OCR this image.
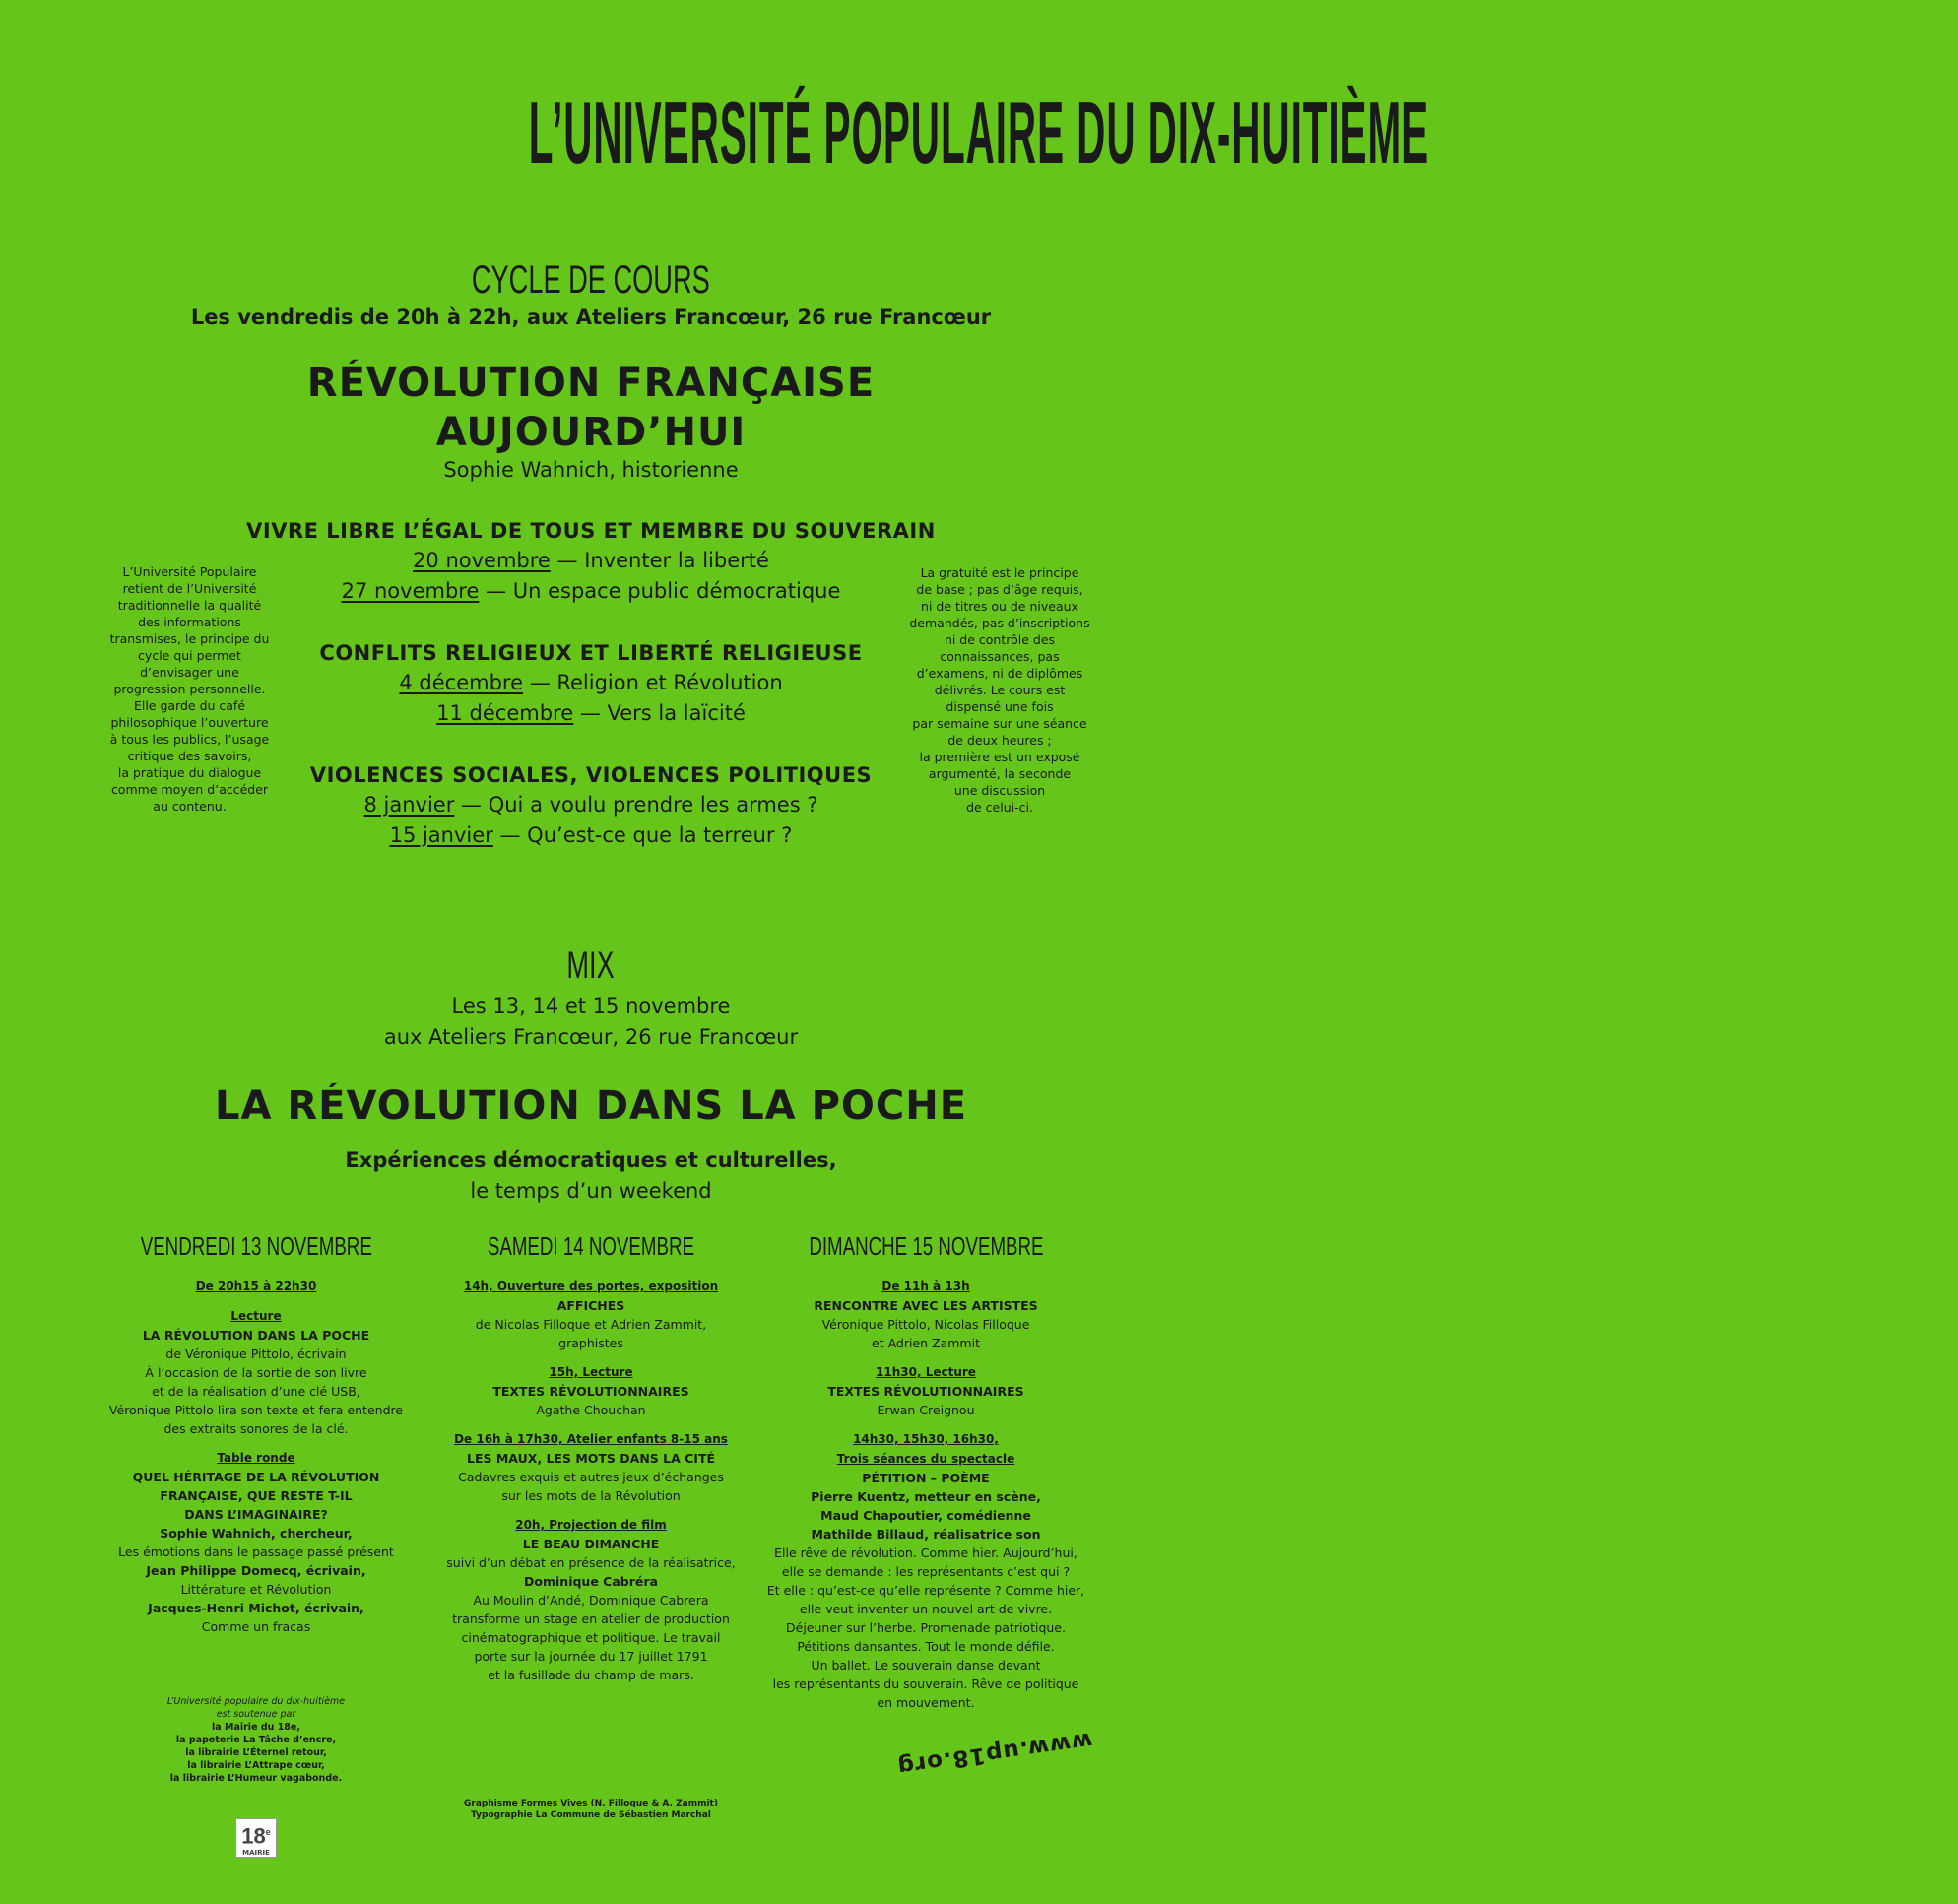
L’UNIVERSITÉ POPULAIRE DU DIX-HUITIÈME
CYCLE DE COURS
Les vendredis de 20h à 22h, aux Ateliers Francœur, 26 rue Francœur
RÉVOLUTION FRANÇAISE
AUJOURD’HUI
Sophie Wahnich, historienne
VIVRE LIBRE L’ÉGAL DE TOUS ET MEMBRE DU SOUVERAIN
20 novembre — Inventer la liberté
27 novembre — Un espace public démocratique
CONFLITS RELIGIEUX ET LIBERTÉ RELIGIEUSE
4 décembre — Religion et Révolution
11 décembre — Vers la laïcité
VIOLENCES SOCIALES, VIOLENCES POLITIQUES
8 janvier — Qui a voulu prendre les armes ?
15 janvier — Qu’est-ce que la terreur ?
L’Université Populaire
retient de l’Université
traditionnelle la qualité
des informations
transmises, le principe du
cycle qui permet
d’envisager une
progression personnelle.
Elle garde du café
philosophique l’ouverture
à tous les publics, l’usage
critique des savoirs,
la pratique du dialogue
comme moyen d’accéder
au contenu.
La gratuité est le principe
de base ; pas d’âge requis,
ni de titres ou de niveaux
demandés, pas d’inscriptions
ni de contrôle des
connaissances, pas
d’examens, ni de diplômes
délivrés. Le cours est
dispensé une fois
par semaine sur une séance
de deux heures ;
la première est un exposé
argumenté, la seconde
une discussion
de celui-ci.
MIX
Les 13, 14 et 15 novembre
aux Ateliers Francœur, 26 rue Francœur
LA RÉVOLUTION DANS LA POCHE
Expériences démocratiques et culturelles,
le temps d’un weekend
VENDREDI 13 NOVEMBRE
De 20h15 à 22h30
Lecture
LA RÉVOLUTION DANS LA POCHE
de Véronique Pittolo, écrivain
À l’occasion de la sortie de son livre
et de la réalisation d’une clé USB,
Véronique Pittolo lira son texte et fera entendre
des extraits sonores de la clé.
Table ronde
QUEL HÉRITAGE DE LA RÉVOLUTION
FRANÇAISE, QUE RESTE T-IL
DANS L’IMAGINAIRE?
Sophie Wahnich, chercheur,
Les émotions dans le passage passé présent
Jean Philippe Domecq, écrivain,
Littérature et Révolution
Jacques-Henri Michot, écrivain,
Comme un fracas
SAMEDI 14 NOVEMBRE
14h, Ouverture des portes, exposition
AFFICHES
de Nicolas Filloque et Adrien Zammit,
graphistes
15h, Lecture
TEXTES RÉVOLUTIONNAIRES
Agathe Chouchan
De 16h à 17h30, Atelier enfants 8-15 ans
LES MAUX, LES MOTS DANS LA CITÉ
Cadavres exquis et autres jeux d’échanges
sur les mots de la Révolution
20h, Projection de film
LE BEAU DIMANCHE
suivi d’un débat en présence de la réalisatrice,
Dominique Cabréra
Au Moulin d’Andé, Dominique Cabrera
transforme un stage en atelier de production
cinématographique et politique. Le travail
porte sur la journée du 17 juillet 1791
et la fusillade du champ de mars.
DIMANCHE 15 NOVEMBRE
De 11h à 13h
RENCONTRE AVEC LES ARTISTES
Véronique Pittolo, Nicolas Filloque
et Adrien Zammit
11h30, Lecture
TEXTES RÉVOLUTIONNAIRES
Erwan Creignou
14h30, 15h30, 16h30,
Trois séances du spectacle
PÉTITION – POÈME
Pierre Kuentz, metteur en scène,
Maud Chapoutier, comédienne
Mathilde Billaud, réalisatrice son
Elle rêve de révolution. Comme hier. Aujourd’hui,
elle se demande : les représentants c’est qui ?
Et elle : qu’est-ce qu’elle représente ? Comme hier,
elle veut inventer un nouvel art de vivre.
Déjeuner sur l’herbe. Promenade patriotique.
Pétitions dansantes. Tout le monde défile.
Un ballet. Le souverain danse devant
les représentants du souverain. Rêve de politique
en mouvement.
L’Université populaire du dix-huitième
est soutenue par
la Mairie du 18e,
la papeterie La Tâche d’encre,
la librairie L’Éternel retour,
la librairie L’Attrape cœur,
la librairie L’Humeur vagabonde.
18e
MAIRIE
Graphisme Formes Vives (N. Filloque & A. Zammit)
Typographie La Commune de Sébastien Marchal
www.up18.org
